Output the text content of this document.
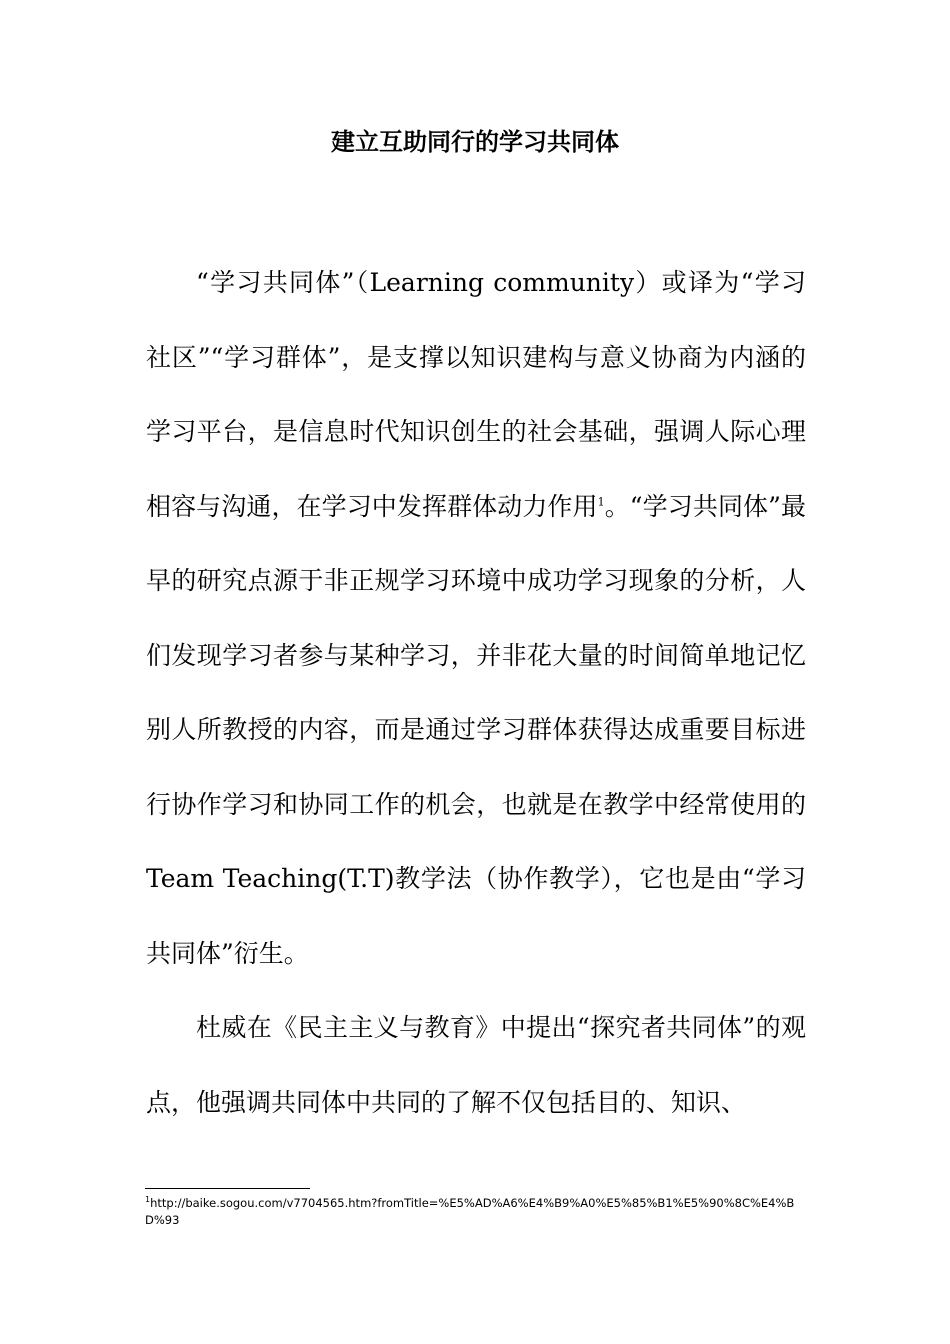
建立互助同行的学习共同体

“学习共同体”（Learning community）或译为“学习社区”“学习群体”，是支撑以知识建构与意义协商为内涵的学习平台，是信息时代知识创生的社会基础，强调人际心理相容与沟通，在学习中发挥群体动力作用$^1$。“学习共同体”最早的研究点源于非正规学习环境中成功学习现象的分析，人们发现学习者参与某种学习，并非花大量的时间简单地记忆别人所教授的内容，而是通过学习群体获得达成重要目标进行协作学习和协同工作的机会，也就是在教学中经常使用的Team Teaching(T.T)教学法（协作教学），它也是由“学习共同体”衍生。

杜威在《民主主义与教育》中提出“探究者共同体”的观点，他强调共同体中共同的了解不仅包括目的、知识、

$^1$http://baike.sogou.com/v7704565.htm?fromTitle=%E5%AD%A6%E4%B9%A0%E5%85%B1%E5%90%8C%E4%BD%93
